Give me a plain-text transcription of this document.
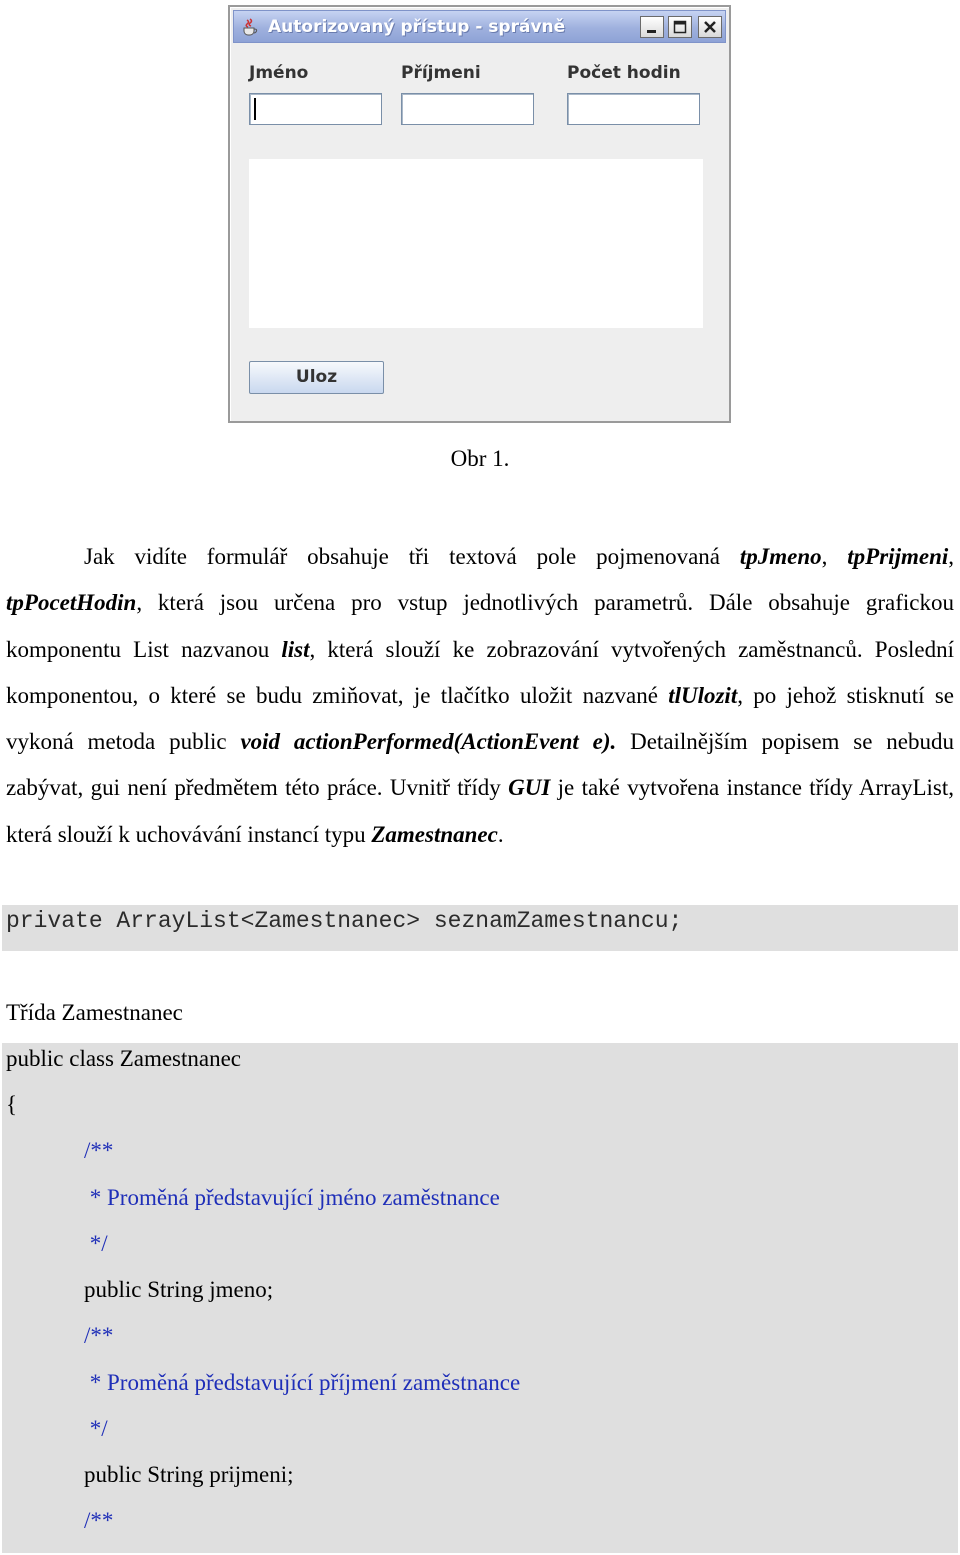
Autorizovaný přístup - správně
Jméno	Příjmeni	Počet hodin
Uloz
Obr 1.

Jak vidíte formulář obsahuje tři textová pole pojmenovaná tpJmeno, tpPrijmeni, tpPocetHodin, která jsou určena pro vstup jednotlivých parametrů. Dále obsahuje grafickou komponentu List nazvanou list, která slouží ke zobrazování vytvořených zaměstnanců. Poslední komponentou, o které se budu zmiňovat, je tlačítko uložit nazvané tlUlozit, po jehož stisknutí se vykoná metoda public void actionPerformed(ActionEvent e). Detailnějším popisem se nebudu zabývat, gui není předmětem této práce. Uvnitř třídy GUI je také vytvořena instance třídy ArrayList, která slouží k uchovávání instancí typu Zamestnanec.

private ArrayList<Zamestnanec> seznamZamestnancu;
Třída Zamestnanec
public class Zamestnanec
{
/**
* Proměná představující jméno zaměstnance
*/
public String jmeno;
/**
* Proměná představující příjmení zaměstnance
*/
public String prijmeni;
/**
